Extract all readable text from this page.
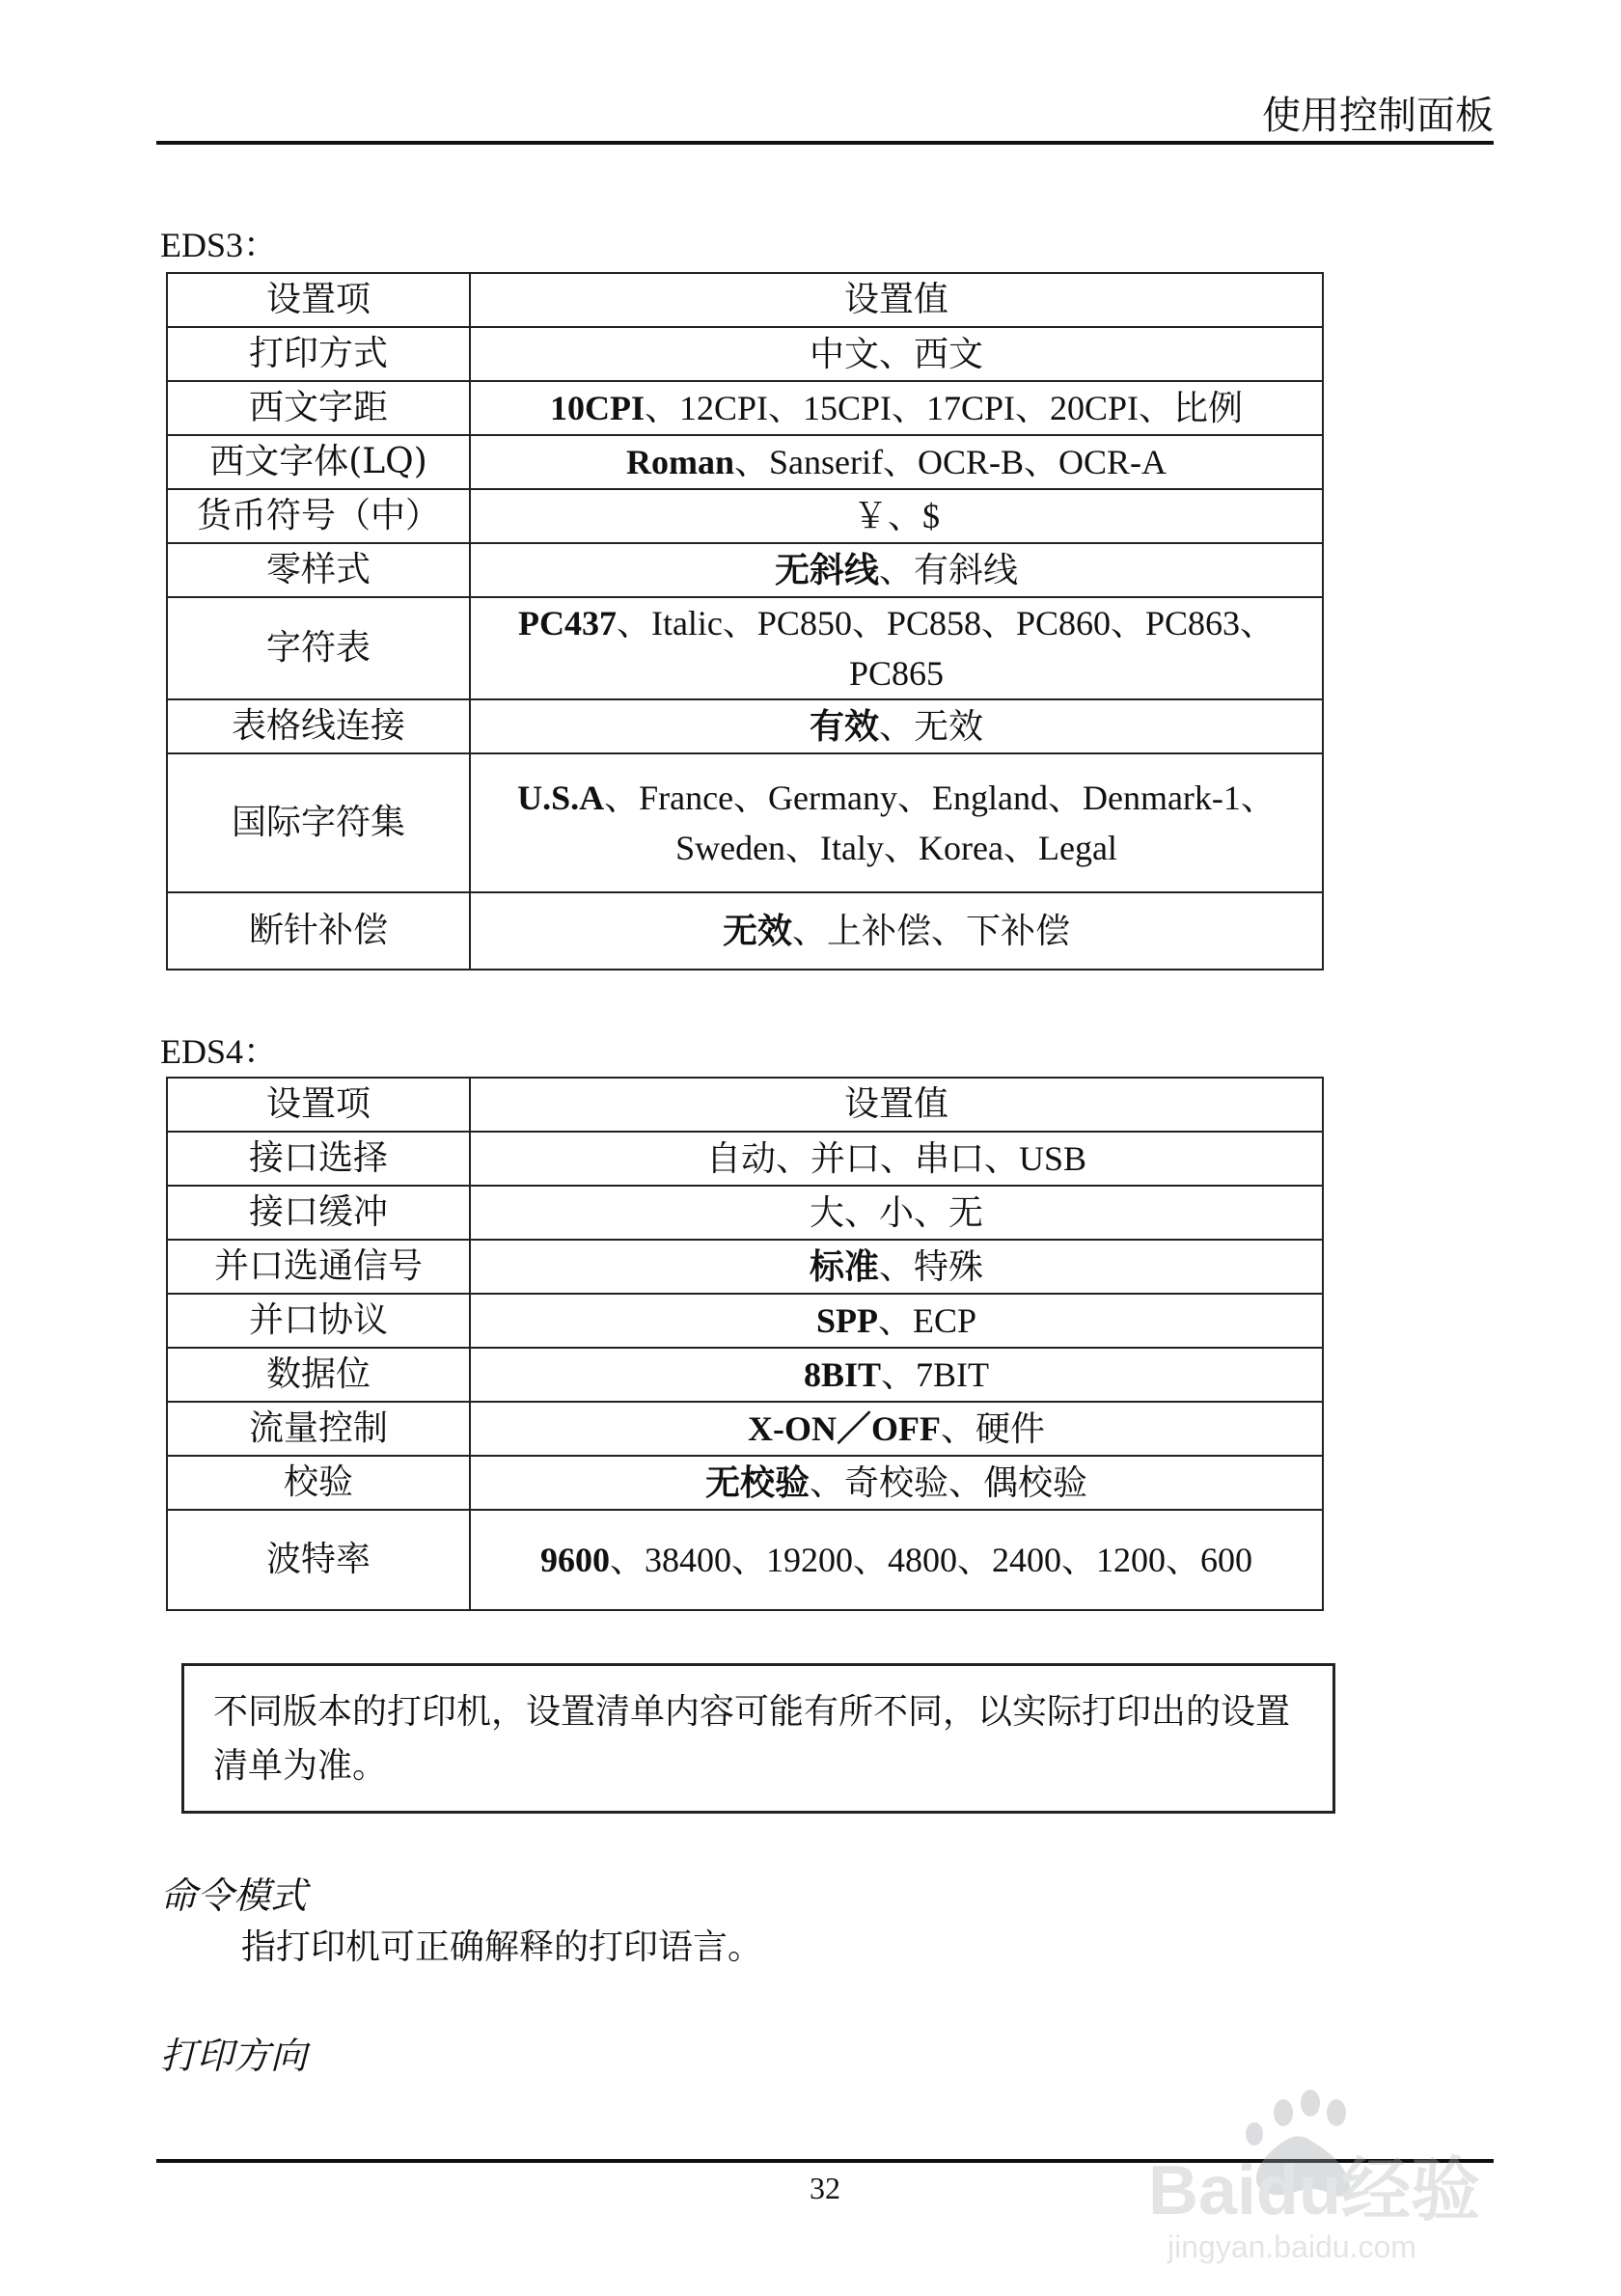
使用控制面板
EDS3：
设置项	设置值
打印方式	中文、西文
西文字距	10CPI、12CPI、15CPI、17CPI、20CPI、比例
西文字体(LQ)	Roman、Sanserif、OCR-B、OCR-A
货币符号（中）	￥、$
零样式	无斜线、有斜线
字符表	PC437、Italic、PC850、PC858、PC860、PC863、PC865
表格线连接	有效、无效
国际字符集	U.S.A、France、Germany、England、Denmark-1、Sweden、Italy、Korea、Legal
断针补偿	无效、上补偿、下补偿
EDS4：
设置项	设置值
接口选择	自动、并口、串口、USB
接口缓冲	大、小、无
并口选通信号	标准、特殊
并口协议	SPP、ECP
数据位	8BIT、7BIT
流量控制	X-ON／OFF、硬件
校验	无校验、奇校验、偶校验
波特率	9600、38400、19200、4800、2400、1200、600
不同版本的打印机，设置清单内容可能有所不同，以实际打印出的设置清单为准。
命令模式
指打印机可正确解释的打印语言。
打印方向
32	Baidu经验
jingyan.baidu.com
